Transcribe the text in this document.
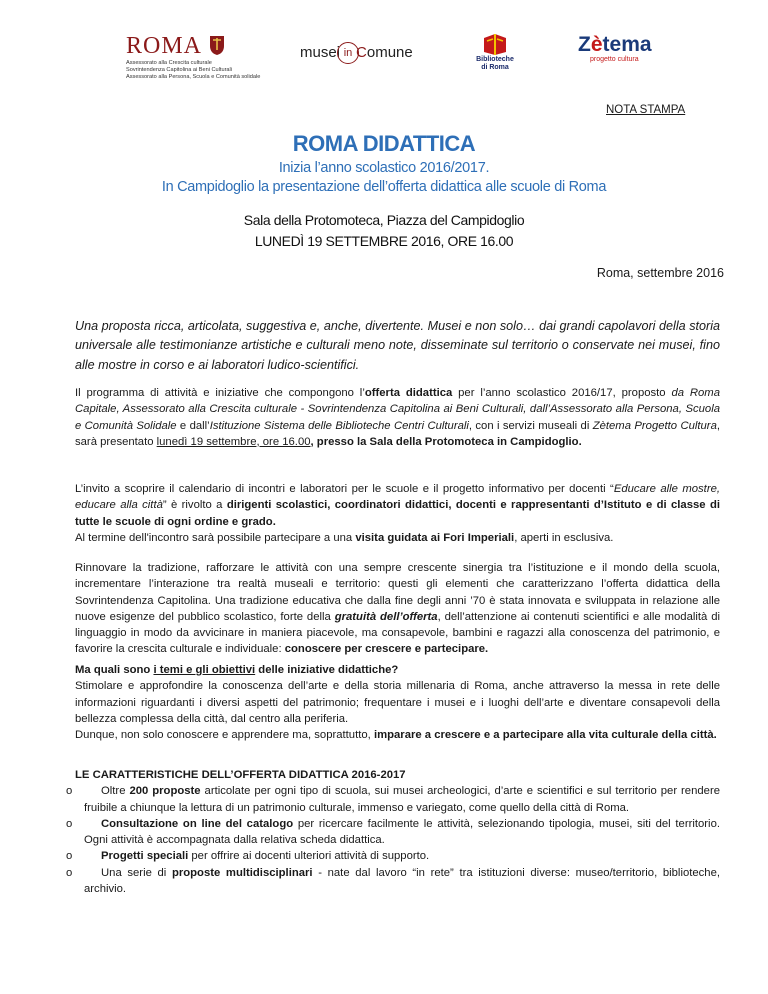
ROMA
Assessorato alla Crescita culturale
Sovrintendenza Capitolina ai Beni Culturali
Assessorato alla Persona, Scuola e Comunità solidale
musei in Comune	Biblioteche
di Roma
Zètema
progetto cultura
NOTA STAMPA
ROMA DIDATTICA
Inizia l’anno scolastico 2016/2017.
In Campidoglio la presentazione dell’offerta didattica alle scuole di Roma
Sala della Protomoteca, Piazza del Campidoglio
LUNEDÌ 19 SETTEMBRE 2016, ORE 16.00
Roma, settembre 2016
Una proposta ricca, articolata, suggestiva e, anche, divertente. Musei e non solo… dai grandi capolavori della storia universale alle testimonianze artistiche e culturali meno note, disseminate sul territorio o conservate nei musei, fino alle mostre in corso e ai laboratori ludico-scientifici.
Il programma di attività e iniziative che compongono l’offerta didattica per l’anno scolastico 2016/17, proposto da Roma Capitale, Assessorato alla Crescita culturale - Sovrintendenza Capitolina ai Beni Culturali, dall’Assessorato alla Persona, Scuola e Comunità Solidale e dall’Istituzione Sistema delle Biblioteche Centri Culturali, con i servizi museali di Zètema Progetto Cultura, sarà presentato lunedì 19 settembre, ore 16.00, presso la Sala della Protomoteca in Campidoglio.
L’invito a scoprire il calendario di incontri e laboratori per le scuole e il progetto informativo per docenti “Educare alle mostre, educare alla città” è rivolto a dirigenti scolastici, coordinatori didattici, docenti e rappresentanti d’Istituto e di classe di tutte le scuole di ogni ordine e grado.
Al termine dell'incontro sarà possibile partecipare a una visita guidata ai Fori Imperiali, aperti in esclusiva.
Rinnovare la tradizione, rafforzare le attività con una sempre crescente sinergia tra l’istituzione e il mondo della scuola, incrementare l’interazione tra realtà museali e territorio: questi gli elementi che caratterizzano l’offerta didattica della Sovrintendenza Capitolina. Una tradizione educativa che dalla fine degli anni ’70 è stata innovata e sviluppata in relazione alle nuove esigenze del pubblico scolastico, forte della gratuità dell’offerta, dell’attenzione ai contenuti scientifici e alle modalità di linguaggio in modo da avvicinare in maniera piacevole, ma consapevole, bambini e ragazzi alla conoscenza del patrimonio, e favorire la crescita culturale e individuale: conoscere per crescere e partecipare.
Ma quali sono i temi e gli obiettivi delle iniziative didattiche?
Stimolare e approfondire la conoscenza dell’arte e della storia millenaria di Roma, anche attraverso la messa in rete delle informazioni riguardanti i diversi aspetti del patrimonio; frequentare i musei e i luoghi dell’arte e diventare consapevoli della bellezza complessa della città, dal centro alla periferia.
Dunque, non solo conoscere e apprendere ma, soprattutto, imparare a crescere e a partecipare alla vita culturale della città.
LE CARATTERISTICHE DELL’OFFERTA DIDATTICA 2016-2017
o	Oltre 200 proposte articolate per ogni tipo di scuola, sui musei archeologici, d’arte e scientifici e sul territorio per rendere fruibile a chiunque la lettura di un patrimonio culturale, immenso e variegato, come quello della città di Roma.
o	Consultazione on line del catalogo per ricercare facilmente le attività, selezionando tipologia, musei, siti del territorio. Ogni attività è accompagnata dalla relativa scheda didattica.
o	Progetti speciali per offrire ai docenti ulteriori attività di supporto.
o	Una serie di proposte multidisciplinari - nate dal lavoro “in rete” tra istituzioni diverse: museo/territorio, biblioteche, archivio.
